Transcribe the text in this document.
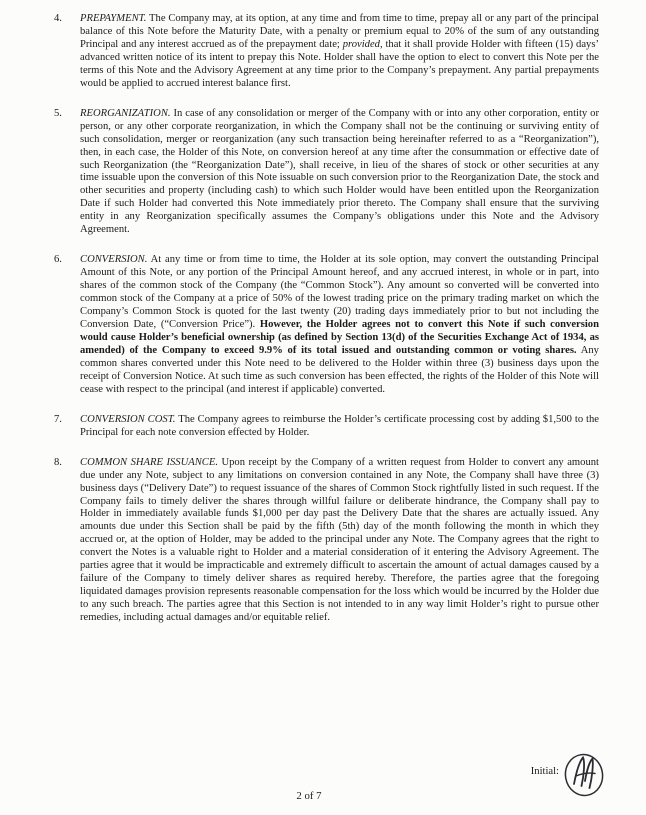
4.	PREPAYMENT. The Company may, at its option, at any time and from time to time, prepay all or any part of the principal balance of this Note before the Maturity Date, with a penalty or premium equal to 20% of the sum of any outstanding Principal and any interest accrued as of the prepayment date; provided, that it shall provide Holder with fifteen (15) days’ advanced written notice of its intent to prepay this Note. Holder shall have the option to elect to convert this Note per the terms of this Note and the Advisory Agreement at any time prior to the Company’s prepayment. Any partial prepayments would be applied to accrued interest balance first.
5.	REORGANIZATION. In case of any consolidation or merger of the Company with or into any other corporation, entity or person, or any other corporate reorganization, in which the Company shall not be the continuing or surviving entity of such consolidation, merger or reorganization (any such transaction being hereinafter referred to as a “Reorganization”), then, in each case, the Holder of this Note, on conversion hereof at any time after the consummation or effective date of such Reorganization (the “Reorganization Date”), shall receive, in lieu of the shares of stock or other securities at any time issuable upon the conversion of this Note issuable on such conversion prior to the Reorganization Date, the stock and other securities and property (including cash) to which such Holder would have been entitled upon the Reorganization Date if such Holder had converted this Note immediately prior thereto. The Company shall ensure that the surviving entity in any Reorganization specifically assumes the Company’s obligations under this Note and the Advisory Agreement.
6.	CONVERSION. At any time or from time to time, the Holder at its sole option, may convert the outstanding Principal Amount of this Note, or any portion of the Principal Amount hereof, and any accrued interest, in whole or in part, into shares of the common stock of the Company (the “Common Stock”). Any amount so converted will be converted into common stock of the Company at a price of 50% of the lowest trading price on the primary trading market on which the Company’s Common Stock is quoted for the last twenty (20) trading days immediately prior to but not including the Conversion Date, (“Conversion Price”). However, the Holder agrees not to convert this Note if such conversion would cause Holder’s beneficial ownership (as defined by Section 13(d) of the Securities Exchange Act of 1934, as amended) of the Company to exceed 9.9% of its total issued and outstanding common or voting shares. Any common shares converted under this Note need to be delivered to the Holder within three (3) business days upon the receipt of Conversion Notice. At such time as such conversion has been effected, the rights of the Holder of this Note will cease with respect to the principal (and interest if applicable) converted.
7.	CONVERSION COST. The Company agrees to reimburse the Holder’s certificate processing cost by adding $1,500 to the Principal for each note conversion effected by Holder.
8.	COMMON SHARE ISSUANCE. Upon receipt by the Company of a written request from Holder to convert any amount due under any Note, subject to any limitations on conversion contained in any Note, the Company shall have three (3) business days (“Delivery Date”) to request issuance of the shares of Common Stock rightfully listed in such request. If the Company fails to timely deliver the shares through willful failure or deliberate hindrance, the Company shall pay to Holder in immediately available funds $1,000 per day past the Delivery Date that the shares are actually issued. Any amounts due under this Section shall be paid by the fifth (5th) day of the month following the month in which they accrued or, at the option of Holder, may be added to the principal under any Note. The Company agrees that the right to convert the Notes is a valuable right to Holder and a material consideration of it entering the Advisory Agreement. The parties agree that it would be impracticable and extremely difficult to ascertain the amount of actual damages caused by a failure of the Company to timely deliver shares as required hereby. Therefore, the parties agree that the foregoing liquidated damages provision represents reasonable compensation for the loss which would be incurred by the Holder due to any such breach. The parties agree that this Section is not intended to in any way limit Holder’s right to pursue other remedies, including actual damages and/or equitable relief.
Initial:
2 of 7
